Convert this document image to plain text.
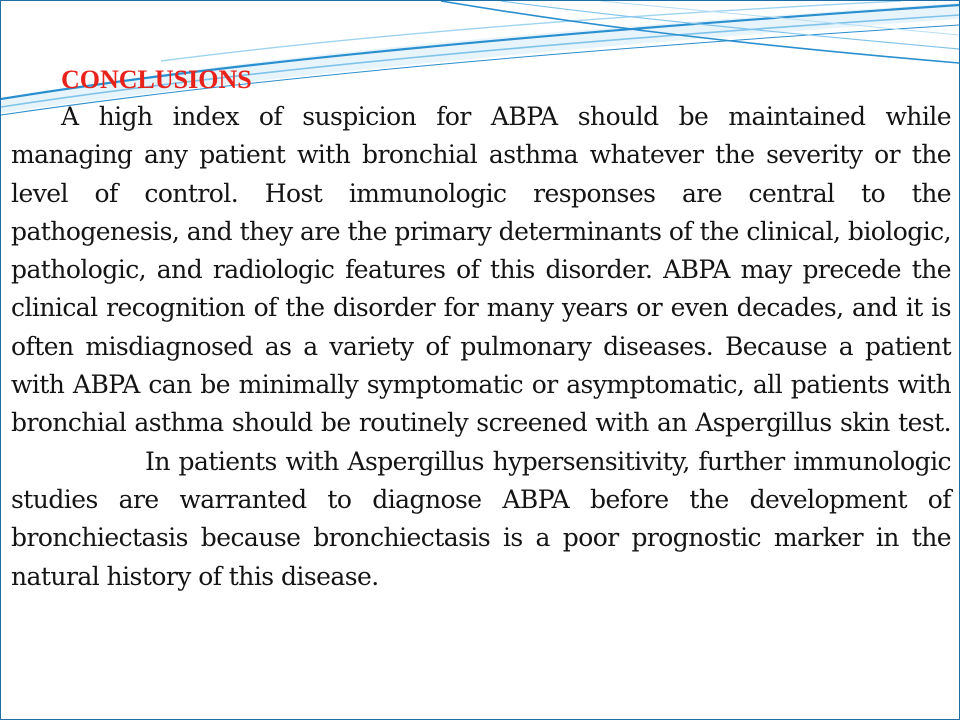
CONCLUSIONS
A high index of suspicion for ABPA should be maintained while managing any patient with bronchial asthma whatever the severity or the level of control. Host immunologic responses are central to the pathogenesis, and they are the primary determinants of the clinical, biologic, pathologic, and radiologic features of this disorder. ABPA may precede the clinical recognition of the disorder for many years or even decades, and it is often misdiagnosed as a variety of pulmonary diseases. Because a patient with ABPA can be minimally symptomatic or asymptomatic, all patients with bronchial asthma should be routinely screened with an Aspergillus skin test. In patients with Aspergillus hypersensitivity, further immunologic studies are warranted to diagnose ABPA before the development of bronchiectasis because bronchiectasis is a poor prognostic marker in the natural history of this disease.
